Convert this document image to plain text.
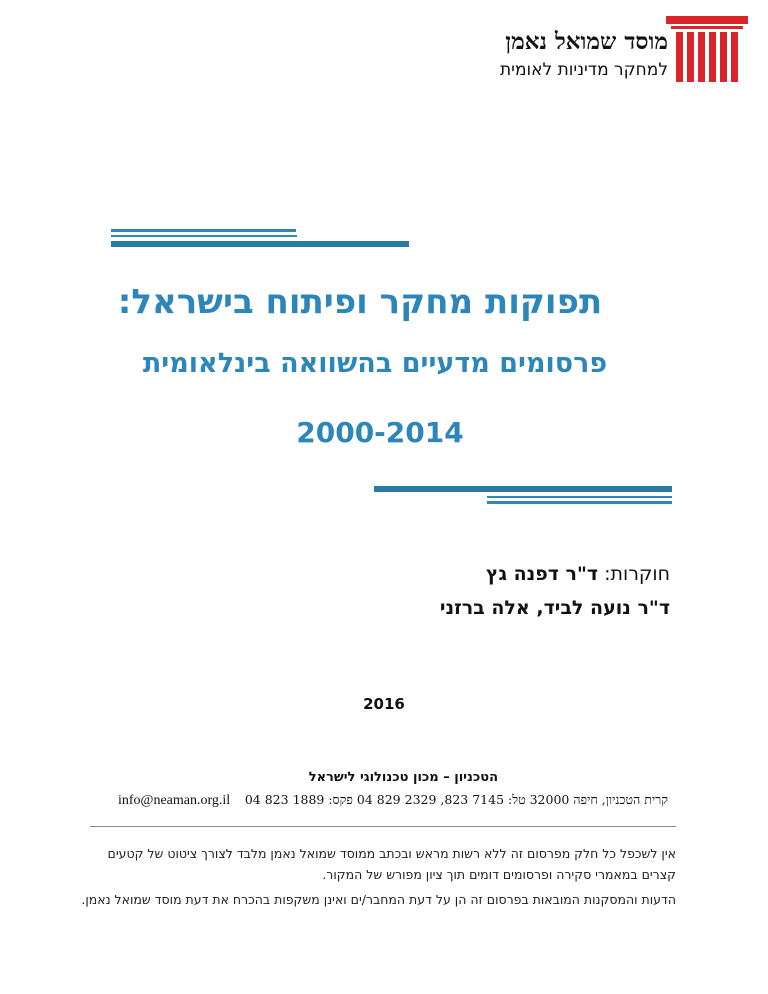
מוסד שמואל נאמן
למחקר מדיניות לאומית
תפוקות מחקר ופיתוח בישראל:
פרסומים מדעיים בהשוואה בינלאומית
2000-2014
חוקרות: ד"ר דפנה גץ
ד"ר נועה לביד, אלה ברזני
2016
הטכניון – מכון טכנולוגי לישראל
קרית הטכניון, חיפה 32000 טל: 7145 823, 2329 829 04 פקס: 1889 823 04
info@neaman.org.il
אין לשכפל כל חלק מפרסום זה ללא רשות מראש ובכתב ממוסד שמואל נאמן מלבד לצורך ציטוט של קטעים
קצרים במאמרי סקירה ופרסומים דומים תוך ציון מפורש של המקור.
הדעות והמסקנות המובאות בפרסום זה הן על דעת המחבר/ים ואינן משקפות בהכרח את דעת מוסד שמואל נאמן.
